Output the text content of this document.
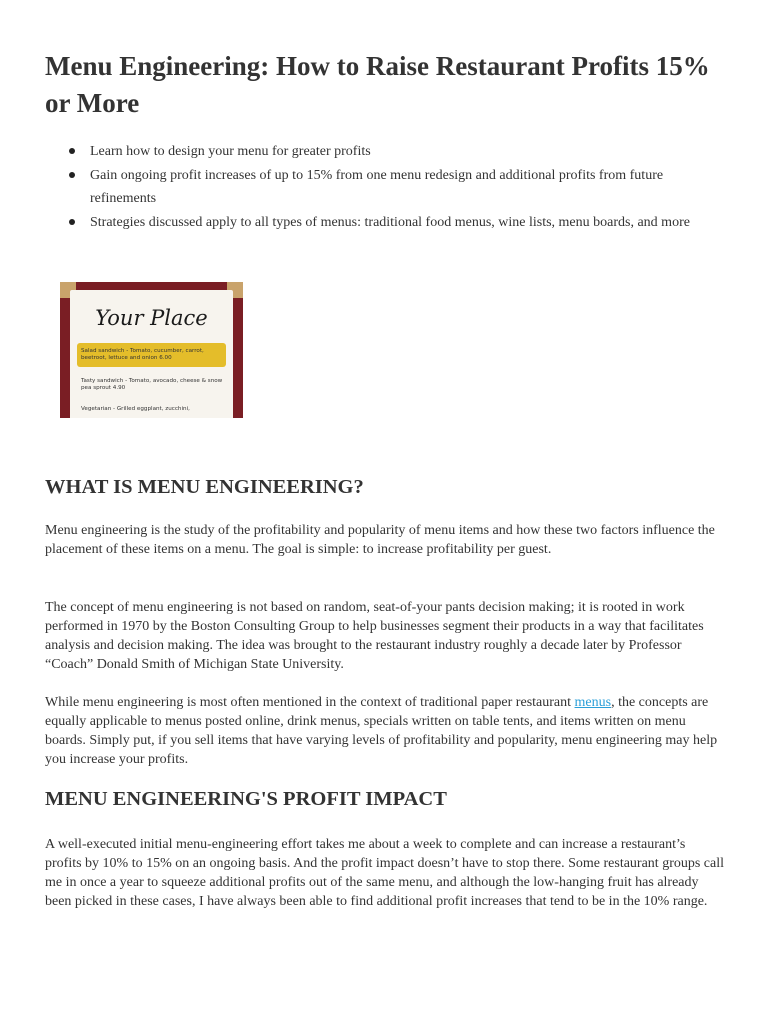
Menu Engineering: How to Raise Restaurant Profits 15% or More
Learn how to design your menu for greater profits
Gain ongoing profit increases of up to 15% from one menu redesign and additional profits from future refinements
Strategies discussed apply to all types of menus: traditional food menus, wine lists, menu boards, and more
Your Place
Salad sandwich - Tomato, cucumber, carrot, beetroot, lettuce and onion 6.00
Tasty sandwich - Tomato, avocado, cheese & snow pea sprout 4.90
Vegetarian - Grilled eggplant, zucchini,
WHAT IS MENU ENGINEERING?

Menu engineering is the study of the profitability and popularity of menu items and how these two factors influence the placement of these items on a menu. The goal is simple: to increase profitability per guest.

The concept of menu engineering is not based on random, seat-of-your pants decision making; it is rooted in work performed in 1970 by the Boston Consulting Group to help businesses segment their products in a way that facilitates analysis and decision making. The idea was brought to the restaurant industry roughly a decade later by Professor “Coach” Donald Smith of Michigan State University.

While menu engineering is most often mentioned in the context of traditional paper restaurant menus, the concepts are equally applicable to menus posted online, drink menus, specials written on table tents, and items written on menu boards. Simply put, if you sell items that have varying levels of profitability and popularity, menu engineering may help you increase your profits.

MENU ENGINEERING'S PROFIT IMPACT

A well-executed initial menu-engineering effort takes me about a week to complete and can increase a restaurant’s profits by 10% to 15% on an ongoing basis. And the profit impact doesn’t have to stop there. Some restaurant groups call me in once a year to squeeze additional profits out of the same menu, and although the low-hanging fruit has already been picked in these cases, I have always been able to find additional profit increases that tend to be in the 10% range.
